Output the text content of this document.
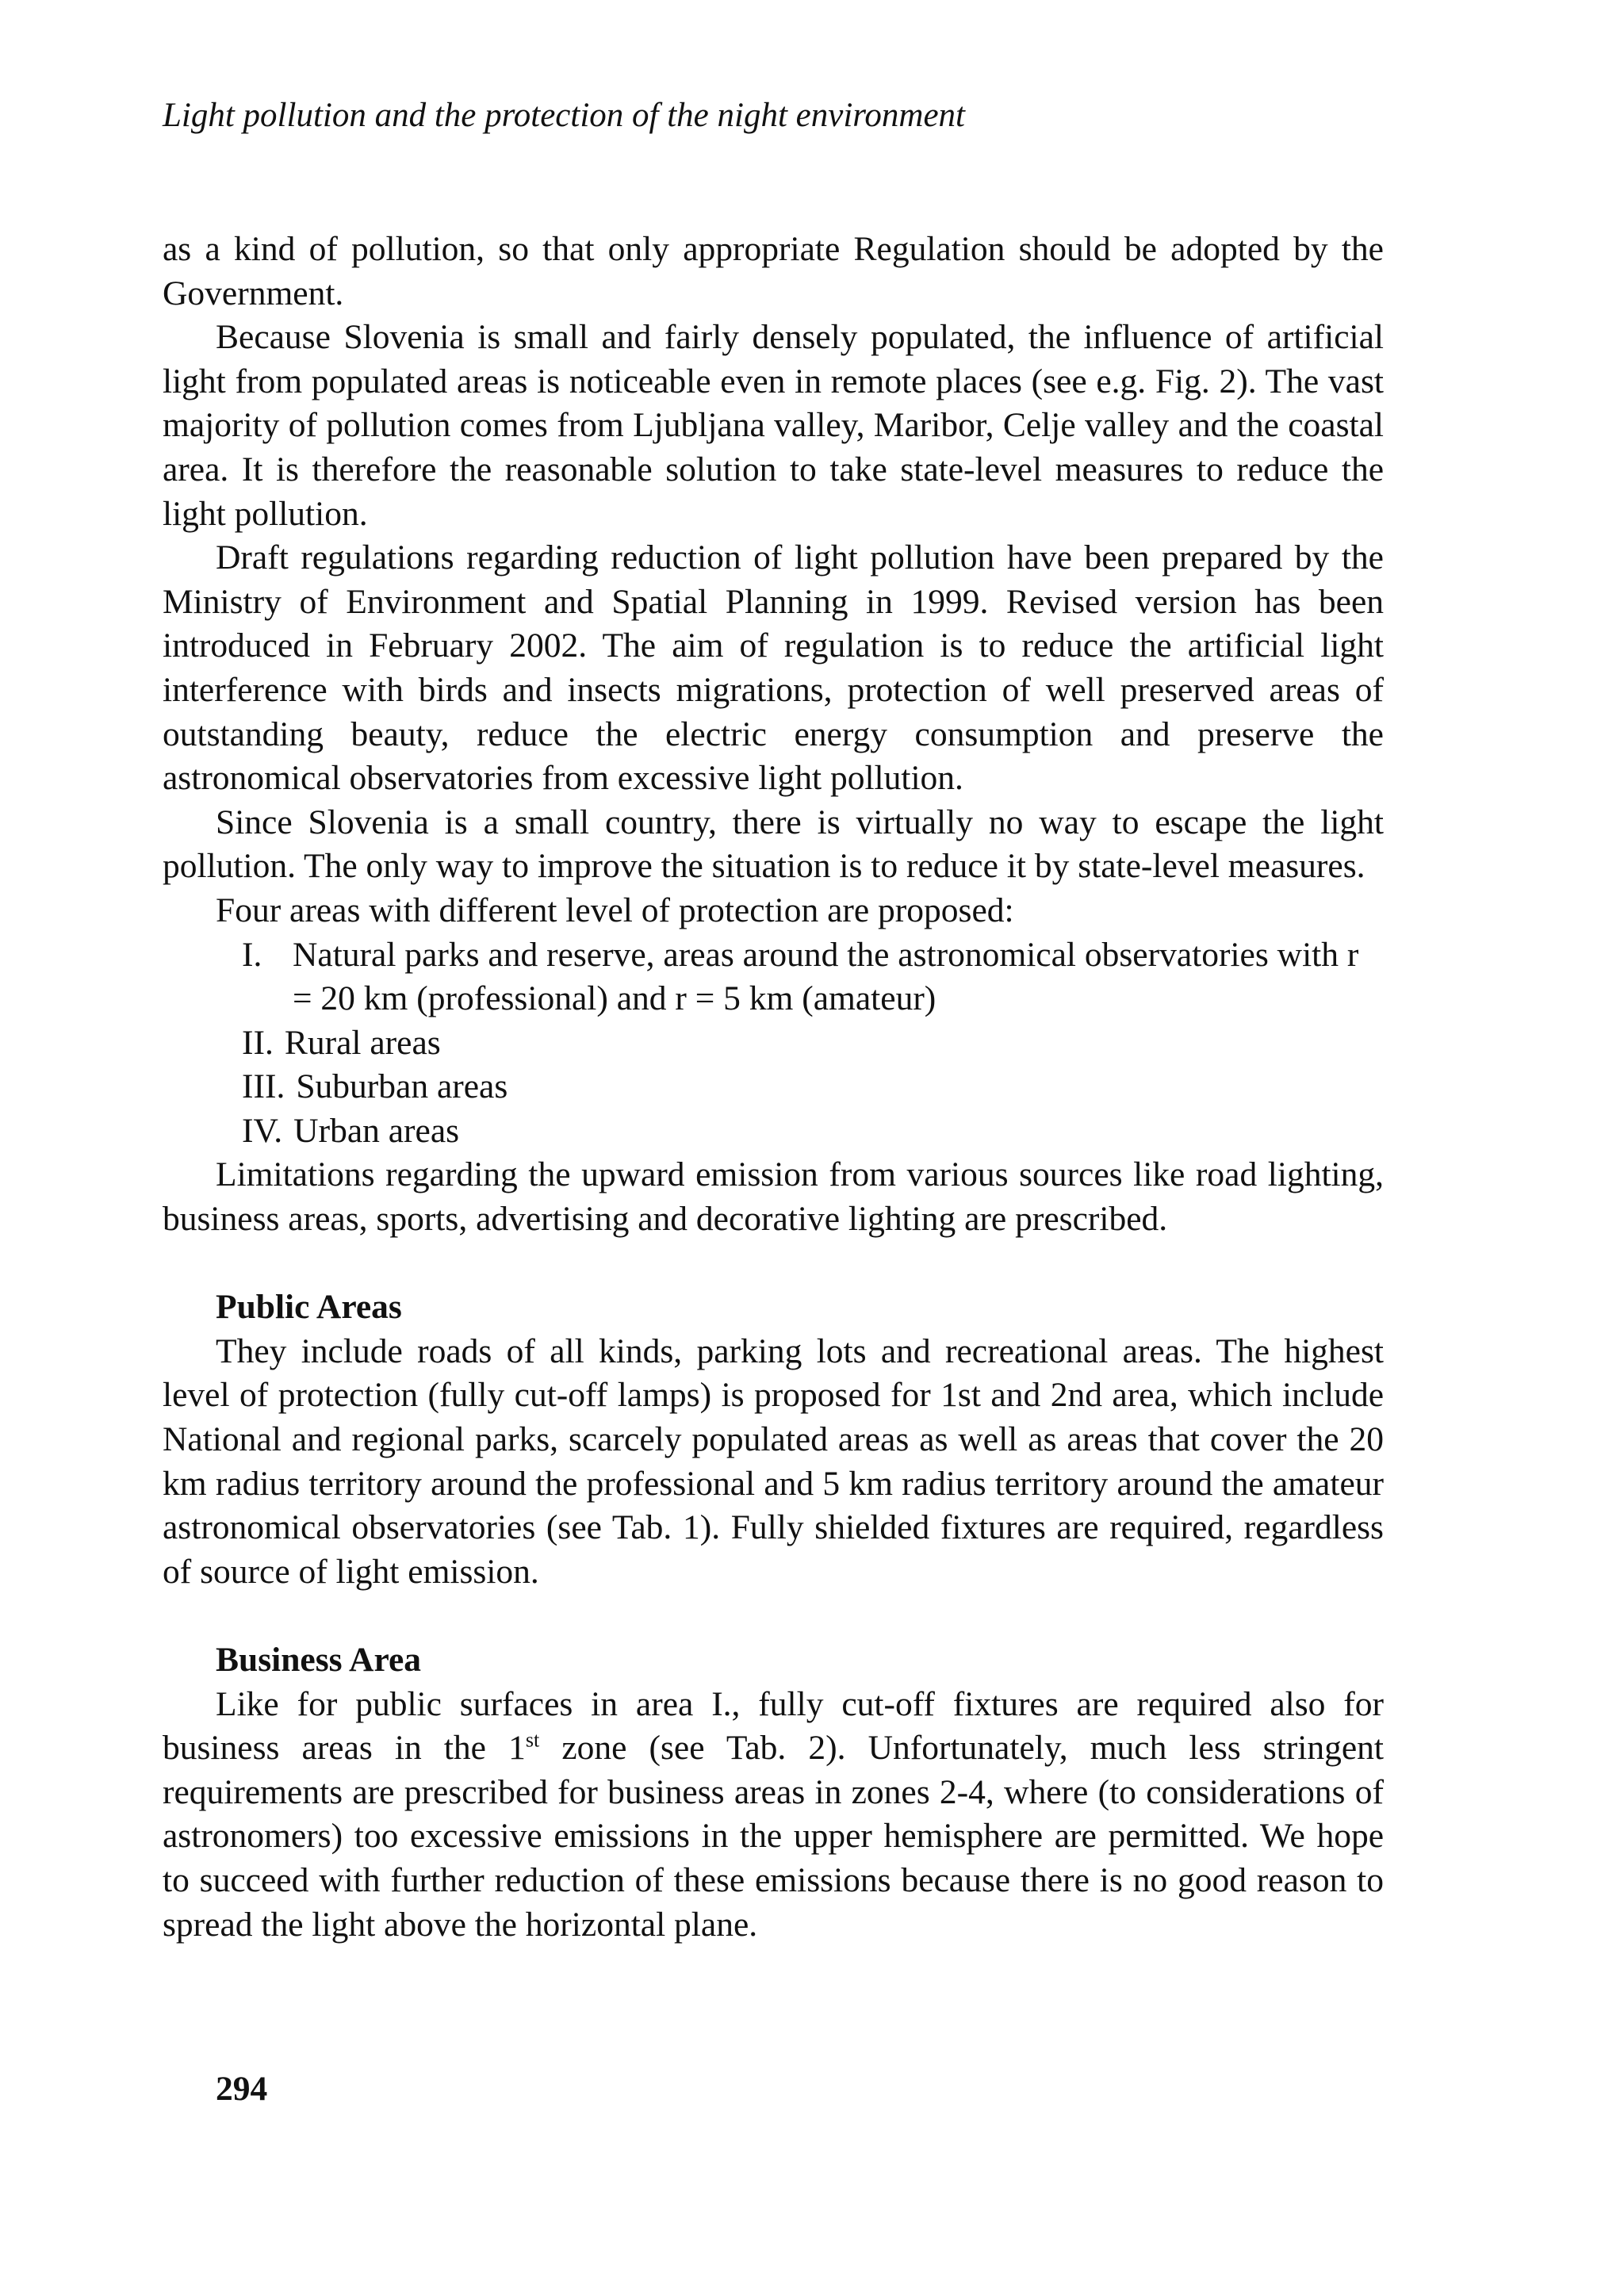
Light pollution and the protection of the night environment

as a kind of pollution, so that only appropriate Regulation should be adopted by the Government.

Because Slovenia is small and fairly densely populated, the influence of artificial light from populated areas is noticeable even in remote places (see e.g. Fig. 2). The vast majority of pollution comes from Ljubljana valley, Maribor, Celje valley and the coastal area. It is therefore the reasonable solution to take state-level measures to reduce the light pollution.

Draft regulations regarding reduction of light pollution have been prepared by the Ministry of Environment and Spatial Planning in 1999. Revised version has been introduced in February 2002. The aim of regulation is to reduce the artificial light interference with birds and insects migrations, protection of well preserved areas of outstanding beauty, reduce the electric energy consumption and preserve the astronomical observatories from excessive light pollution.

Since Slovenia is a small country, there is virtually no way to escape the light pollution. The only way to improve the situation is to reduce it by state-level measures.

Four areas with different level of protection are proposed:

I. Natural parks and reserve, areas around the astronomical observatories with r = 20 km (professional) and r = 5 km (amateur)
II. Rural areas
III. Suburban areas
IV. Urban areas

Limitations regarding the upward emission from various sources like road lighting, business areas, sports, advertising and decorative lighting are prescribed.

Public Areas

They include roads of all kinds, parking lots and recreational areas. The highest level of protection (fully cut-off lamps) is proposed for 1st and 2nd area, which include National and regional parks, scarcely populated areas as well as areas that cover the 20 km radius territory around the professional and 5 km radius territory around the amateur astronomical observatories (see Tab. 1). Fully shielded fixtures are required, regardless of source of light emission.

Business Area

Like for public surfaces in area I., fully cut-off fixtures are required also for business areas in the 1st zone (see Tab. 2). Unfortunately, much less stringent requirements are prescribed for business areas in zones 2-4, where (to considerations of astronomers) too excessive emissions in the upper hemisphere are permitted. We hope to succeed with further reduction of these emissions because there is no good reason to spread the light above the horizontal plane.

294
